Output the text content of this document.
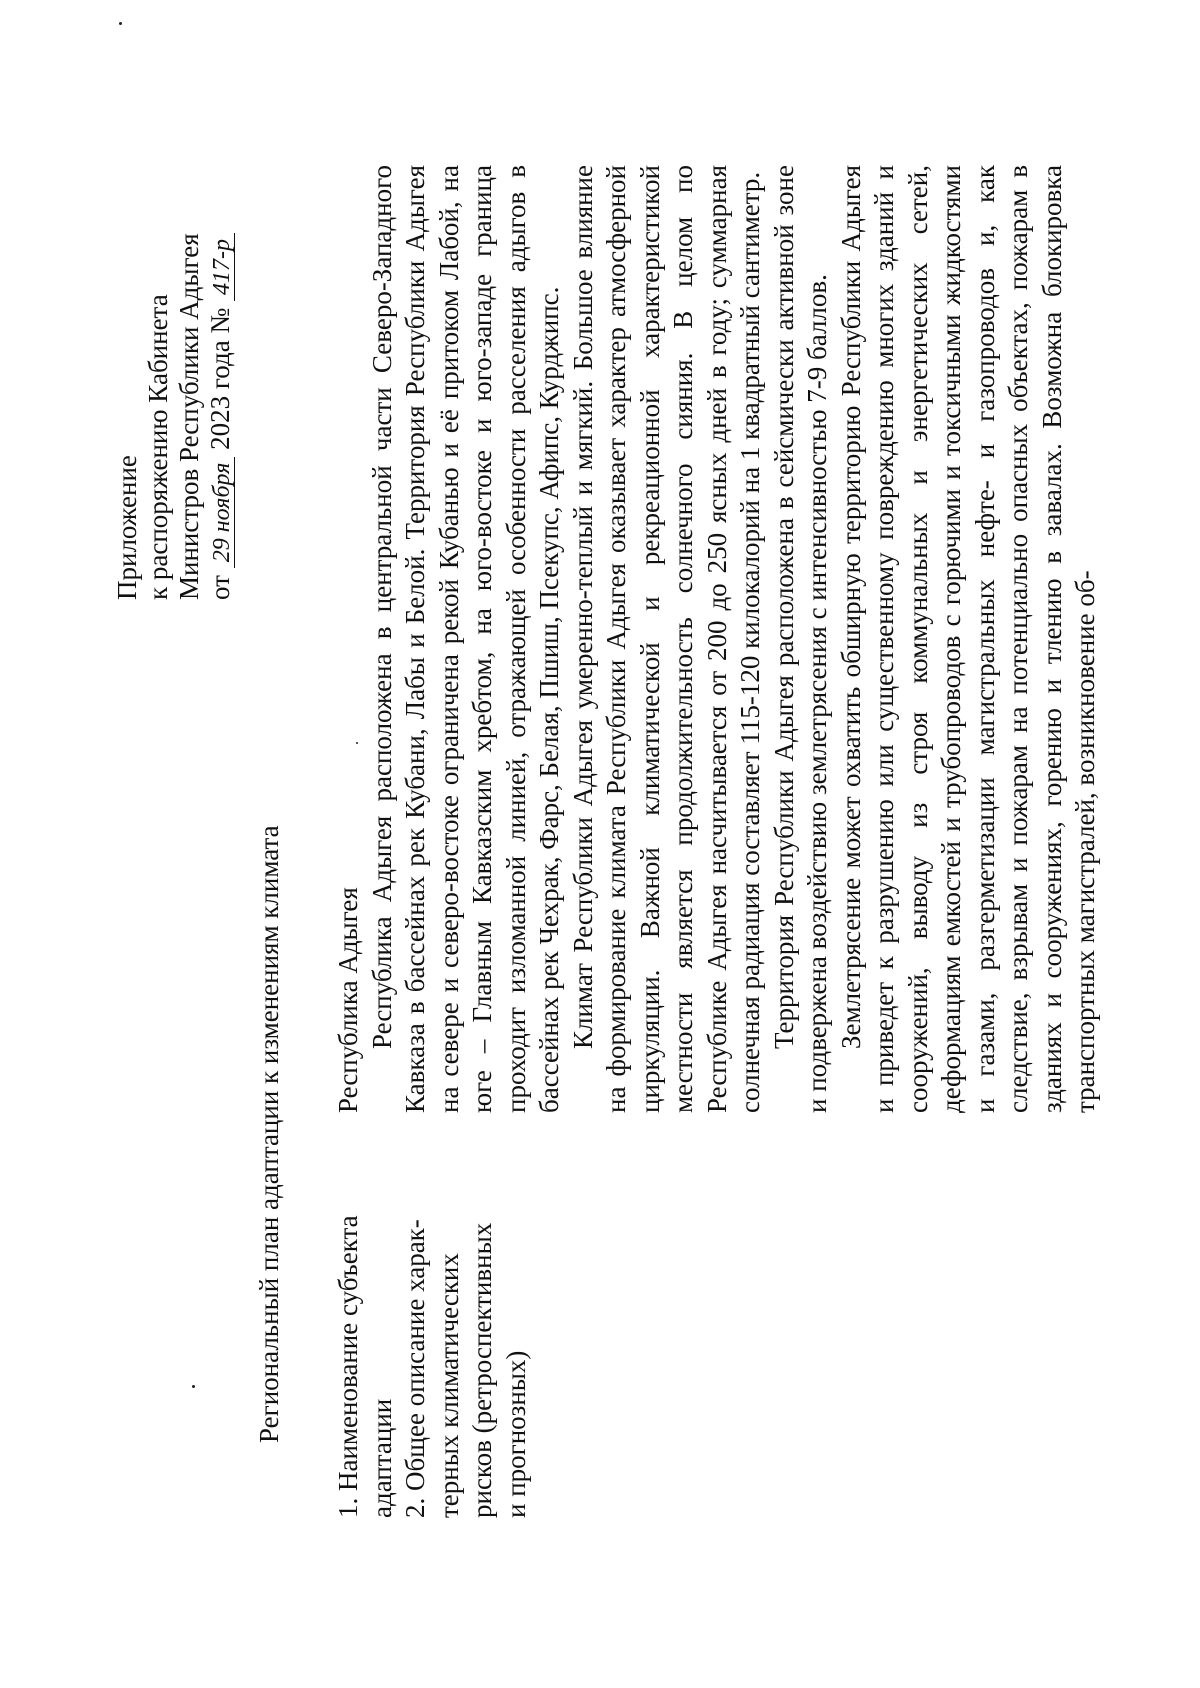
Приложение к распоряжению Кабинета Министров Республики Адыгея от 29 ноября 2023 года № 417-р
Региональный план адаптации к изменениям климата 1. Наименование субъекта адаптации 2. Общее описание харак- терных климатических рисков (ретроспективных и прогнозных)
Республика Адыгея Республика Адыгея расположена в центральной части Северо-Западного Кавказа в бассейнах рек Кубани, Лабы и Белой. Территория Республики Адыгея на севере и северо-востоке ограничена рекой Кубанью и её притоком Лабой, на юге – Главным Кавказским хребтом, на юго-востоке и юго-западе граница проходит изломанной линией, отражающей особенности расселения адыгов в бассейнах рек Чехрак, Фарс, Белая, Пшиш, Псекупс, Афипс, Курджипс. Климат Республики Адыгея умеренно-теплый и мягкий. Большое влияние на формирование климата Республики Адыгея оказывает характер атмосферной циркуляции. Важной климатической и рекреационной характеристикой местности является продолжительность солнечного сияния. В целом по Республике Адыгея насчитывается от 200 до 250 ясных дней в году; суммарная солнечная радиация составляет 115-120 килокалорий на 1 квадратный сантиметр. Территория Республики Адыгея расположена в сейсмически активной зоне и подвержена воздействию землетрясения с интенсивностью 7-9 баллов. Землетрясение может охватить обширную территорию Республики Адыгея и приведет к разрушению или существенному повреждению многих зданий и сооружений, выводу из строя коммунальных и энергетических сетей, деформациям емкостей и трубопроводов с горючими и токсичными жидкостями и газами, разгерметизации магистральных нефте- и газопроводов и, как следствие, взрывам и пожарам на потенциально опасных объектах, пожарам в зданиях и сооружениях, горению и тлению в завалах. Возможна блокировка транспортных магистралей, возникновение об-
